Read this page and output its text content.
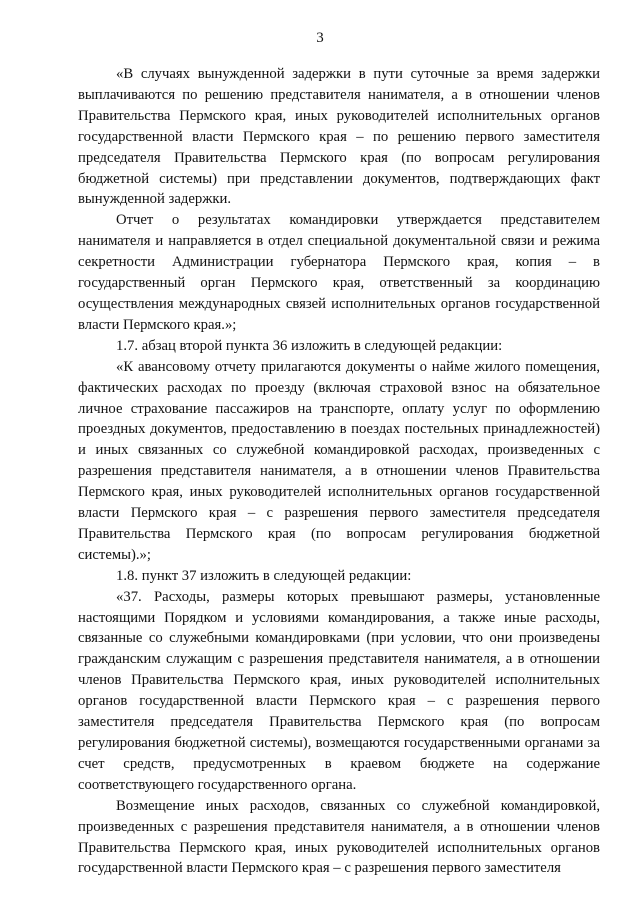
3

«В случаях вынужденной задержки в пути суточные за время задержки выплачиваются по решению представителя нанимателя, а в отношении членов Правительства Пермского края, иных руководителей исполнительных органов государственной власти Пермского края – по решению первого заместителя председателя Правительства Пермского края (по вопросам регулирования бюджетной системы) при представлении документов, подтверждающих факт вынужденной задержки.

Отчет о результатах командировки утверждается представителем нанимателя и направляется в отдел специальной документальной связи и режима секретности Администрации губернатора Пермского края, копия – в государственный орган Пермского края, ответственный за координацию осуществления международных связей исполнительных органов государственной власти Пермского края.»;

1.7. абзац второй пункта 36 изложить в следующей редакции:

«К авансовому отчету прилагаются документы о найме жилого помещения, фактических расходах по проезду (включая страховой взнос на обязательное личное страхование пассажиров на транспорте, оплату услуг по оформлению проездных документов, предоставлению в поездах постельных принадлежностей) и иных связанных со служебной командировкой расходах, произведенных с разрешения представителя нанимателя, а в отношении членов Правительства Пермского края, иных руководителей исполнительных органов государственной власти Пермского края – с разрешения первого заместителя председателя Правительства Пермского края (по вопросам регулирования бюджетной системы).»;

1.8. пункт 37 изложить в следующей редакции:

«37. Расходы, размеры которых превышают размеры, установленные настоящими Порядком и условиями командирования, а также иные расходы, связанные со служебными командировками (при условии, что они произведены гражданским служащим с разрешения представителя нанимателя, а в отношении членов Правительства Пермского края, иных руководителей исполнительных органов государственной власти Пермского края – с разрешения первого заместителя председателя Правительства Пермского края (по вопросам регулирования бюджетной системы), возмещаются государственными органами за счет средств, предусмотренных в краевом бюджете на содержание соответствующего государственного органа.

Возмещение иных расходов, связанных со служебной командировкой, произведенных с разрешения представителя нанимателя, а в отношении членов Правительства Пермского края, иных руководителей исполнительных органов государственной власти Пермского края – с разрешения первого заместителя
